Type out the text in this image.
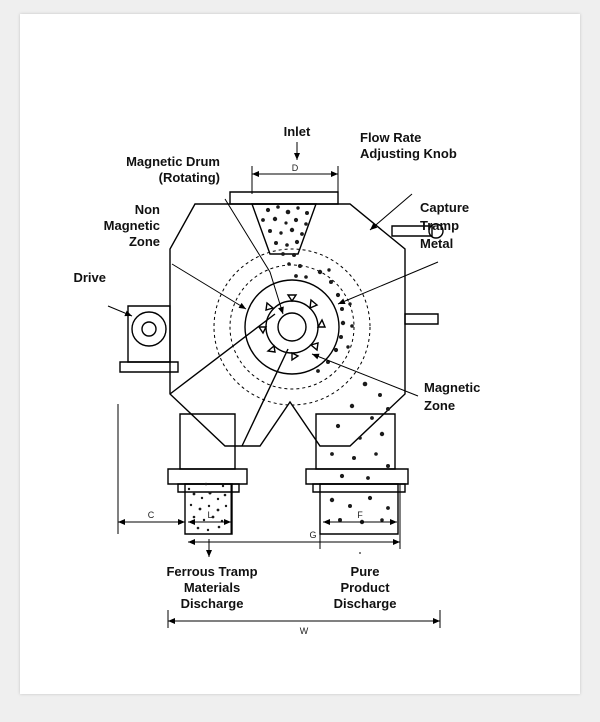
D
C	L
G
F
W
Inlet
Magnetic Drum
(Rotating)
Non
Magnetic
Zone
Drive
Flow Rate
Adjusting Knob
Capture
Tramp
Metal
Magnetic
Zone
Ferrous Tramp
Materials
Discharge
Pure
Product
Discharge
